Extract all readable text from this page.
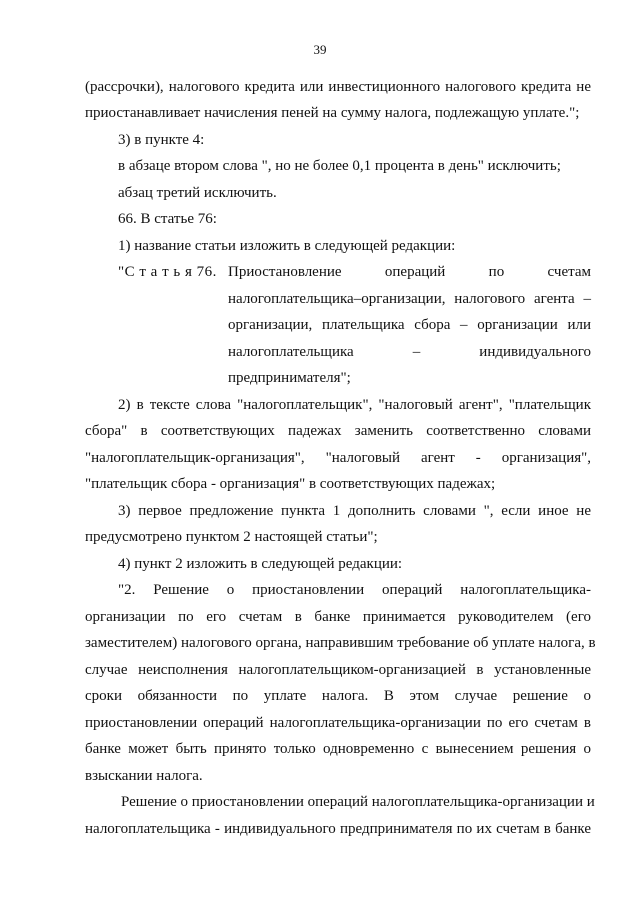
39
(рассрочки), налогового кредита или инвестиционного налогового кредита не
приостанавливает начисления пеней на сумму налога, подлежащую уплате.";
3) в пункте 4:
в абзаце втором слова ", но не более 0,1 процента в день" исключить;
абзац третий исключить.
66. В статье 76:
1) название статьи изложить в следующей редакции:
"С т а т ь я 76. Приостановление операций по счетам
налогоплательщика–организации, налогового агента –
организации, плательщика сбора – организации или
налогоплательщика – индивидуального
предпринимателя";
2) в тексте слова "налогоплательщик", "налоговый агент", "плательщик
сбора" в соответствующих падежах заменить соответственно словами
"налогоплательщик-организация", "налоговый агент - организация",
"плательщик сбора - организация" в соответствующих падежах;
3) первое предложение пункта 1 дополнить словами ", если иное не
предусмотрено пунктом 2 настоящей статьи";
4) пункт 2 изложить в следующей редакции:
"2. Решение о приостановлении операций налогоплательщика-
организации по его счетам в банке принимается руководителем (его
заместителем) налогового органа, направившим требование об уплате налога, в
случае неисполнения налогоплательщиком-организацией в установленные
сроки обязанности по уплате налога. В этом случае решение о
приостановлении операций налогоплательщика-организации по его счетам в
банке может быть принято только одновременно с вынесением решения о
взыскании налога.
Решение о приостановлении операций налогоплательщика-организации и
налогоплательщика - индивидуального предпринимателя по их счетам в банке
